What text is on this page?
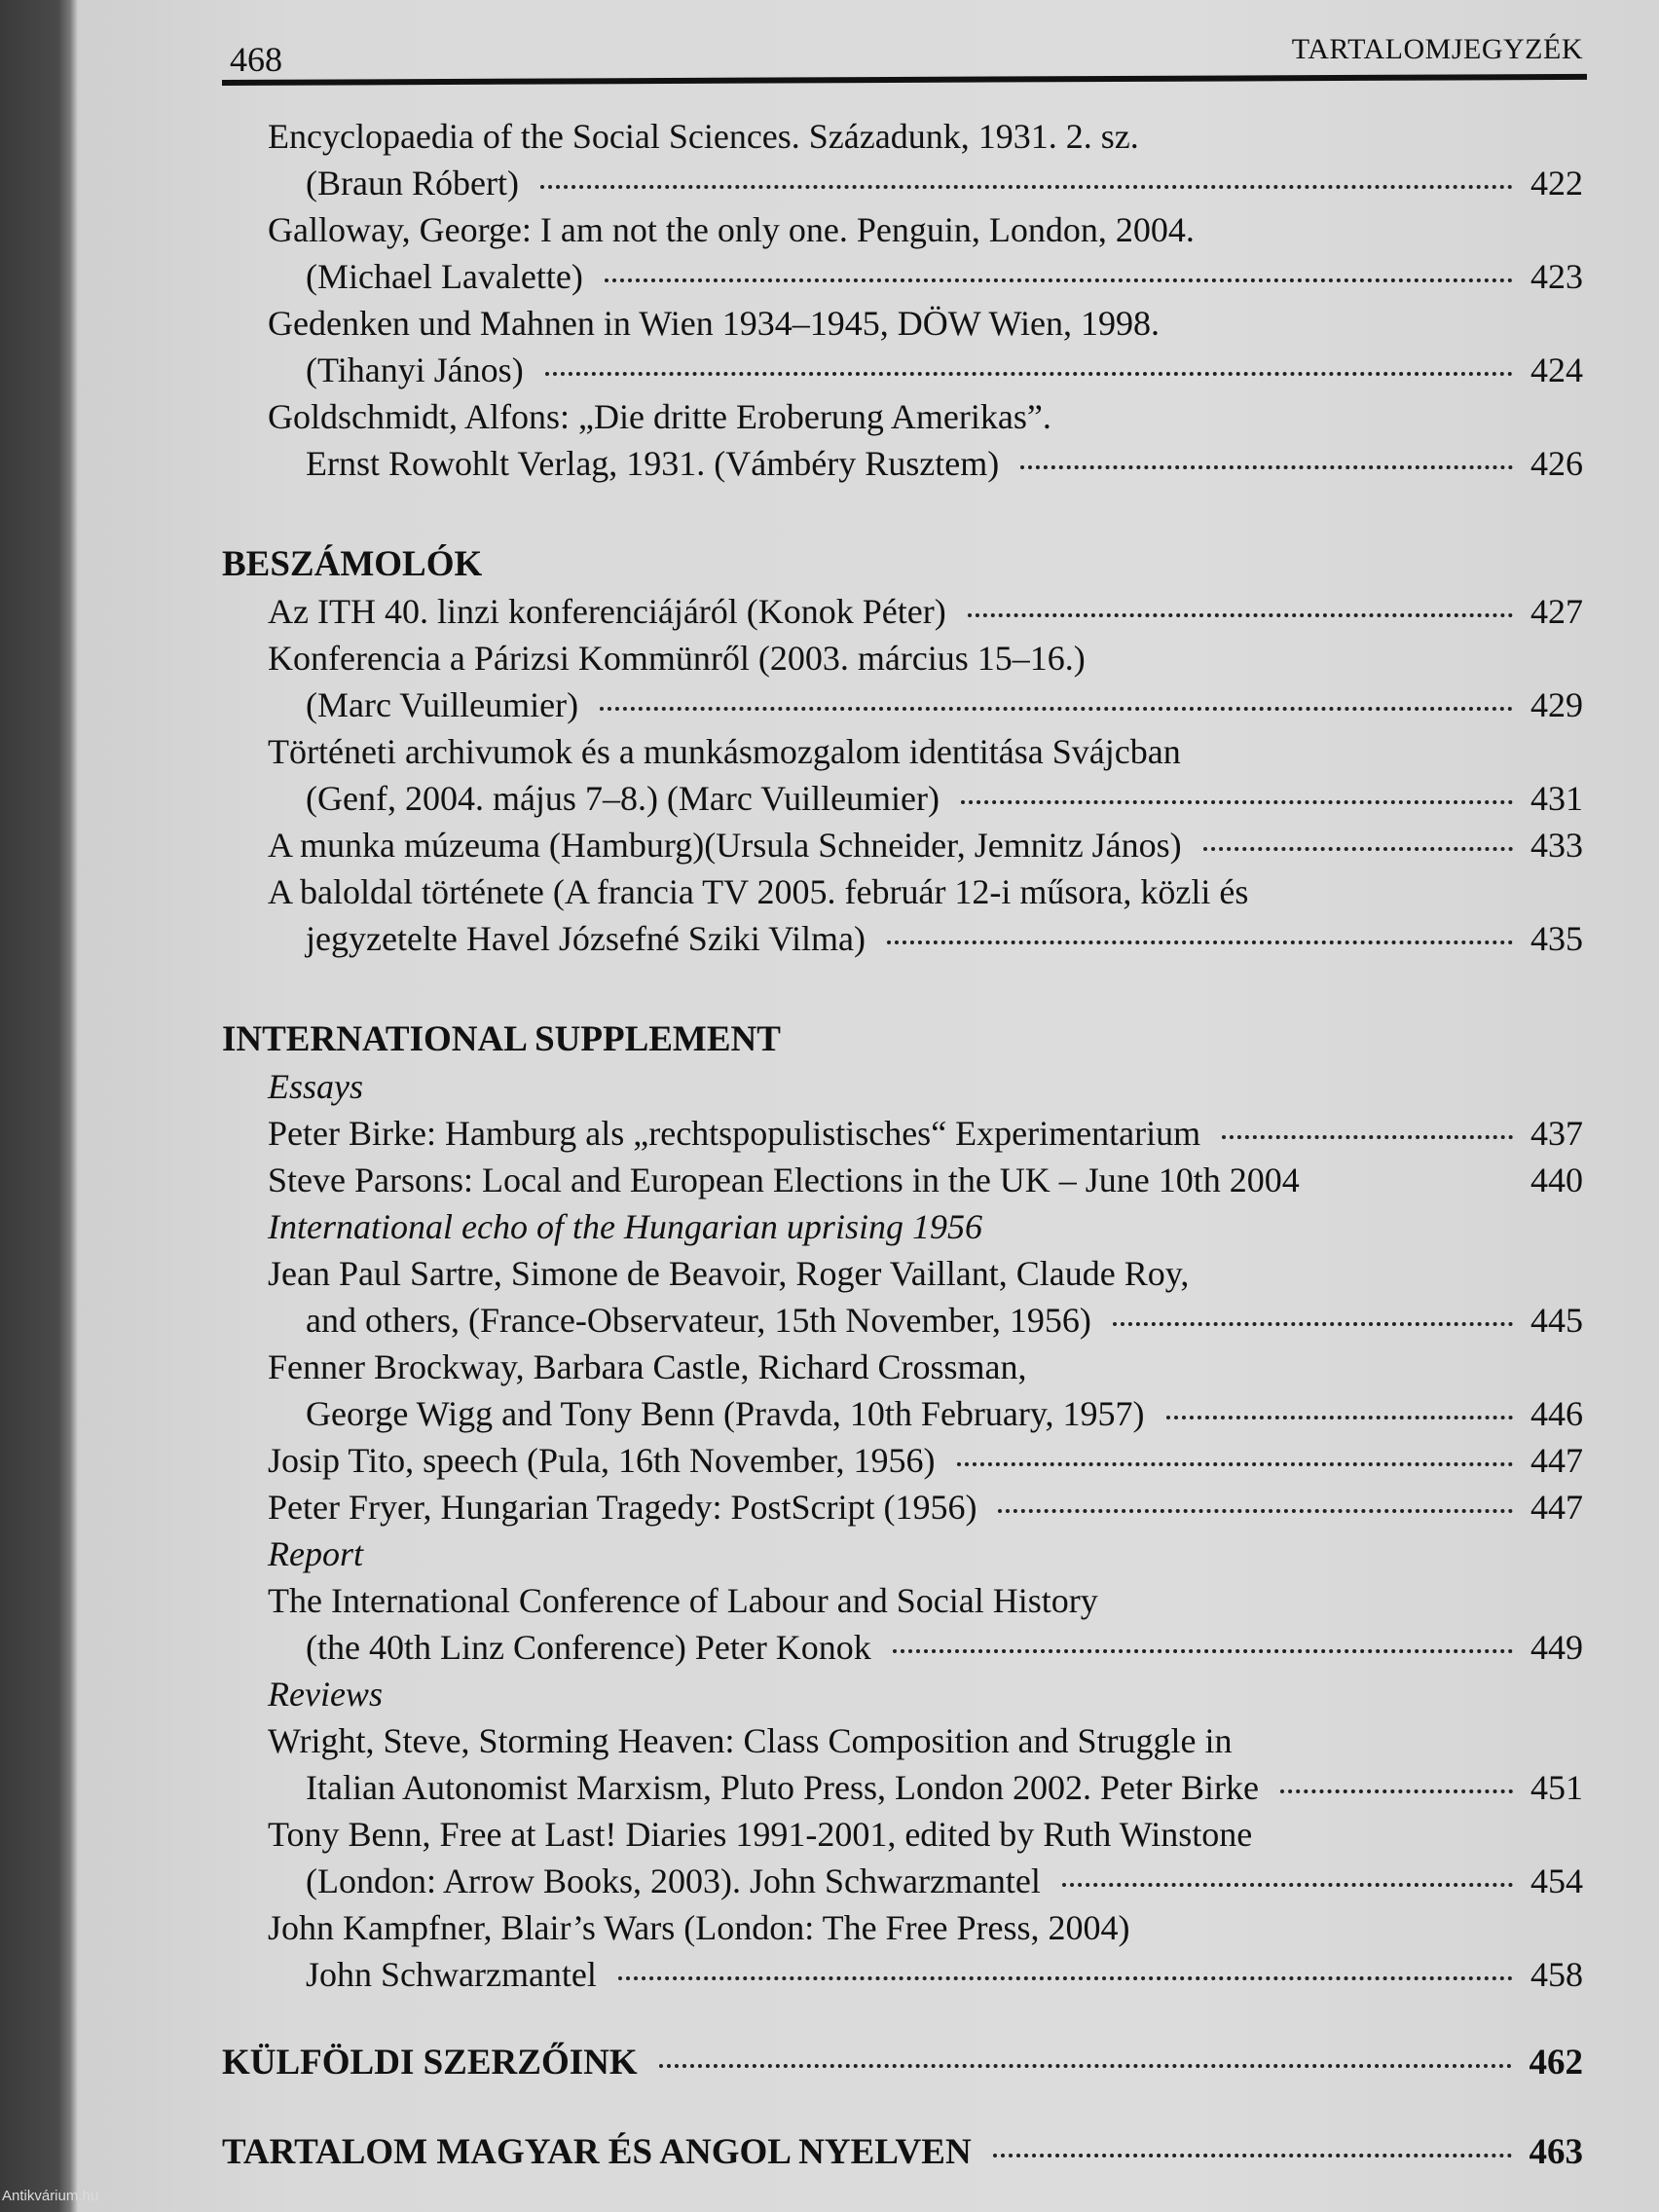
468	TARTALOMJEGYZÉK
Encyclopaedia of the Social Sciences. Századunk, 1931. 2. sz.
(Braun Róbert)	422
Galloway, George: I am not the only one. Penguin, London, 2004.
(Michael Lavalette)	423
Gedenken und Mahnen in Wien 1934–1945, DÖW Wien, 1998.
(Tihanyi János)	424
Goldschmidt, Alfons: „Die dritte Eroberung Amerikas”.
Ernst Rowohlt Verlag, 1931. (Vámbéry Rusztem)	426
BESZÁMOLÓK
Az ITH 40. linzi konferenciájáról (Konok Péter)	427
Konferencia a Párizsi Kommünről (2003. március 15–16.)
(Marc Vuilleumier)	429
Történeti archivumok és a munkásmozgalom identitása Svájcban
(Genf, 2004. május 7–8.) (Marc Vuilleumier)	431
A munka múzeuma (Hamburg)(Ursula Schneider, Jemnitz János)	433
A baloldal története (A francia TV 2005. február 12-i műsora, közli és
jegyzetelte Havel Józsefné Sziki Vilma)	435
INTERNATIONAL SUPPLEMENT
Essays
Peter Birke: Hamburg als „rechtspopulistisches“ Experimentarium	437
Steve Parsons: Local and European Elections in the UK – June 10th 2004	440
International echo of the Hungarian uprising 1956
Jean Paul Sartre, Simone de Beavoir, Roger Vaillant, Claude Roy,
and others, (France-Observateur, 15th November, 1956)	445
Fenner Brockway, Barbara Castle, Richard Crossman,
George Wigg and Tony Benn (Pravda, 10th February, 1957)	446
Josip Tito, speech (Pula, 16th November, 1956)	447
Peter Fryer, Hungarian Tragedy: PostScript (1956)	447
Report
The International Conference of Labour and Social History
(the 40th Linz Conference) Peter Konok	449
Reviews
Wright, Steve, Storming Heaven: Class Composition and Struggle in
Italian Autonomist Marxism, Pluto Press, London 2002. Peter Birke	451
Tony Benn, Free at Last! Diaries 1991-2001, edited by Ruth Winstone
(London: Arrow Books, 2003). John Schwarzmantel	454
John Kampfner, Blair’s Wars (London: The Free Press, 2004)
John Schwarzmantel	458
KÜLFÖLDI SZERZŐINK	462
TARTALOM MAGYAR ÉS ANGOL NYELVEN	463
Antikvárium.hu
